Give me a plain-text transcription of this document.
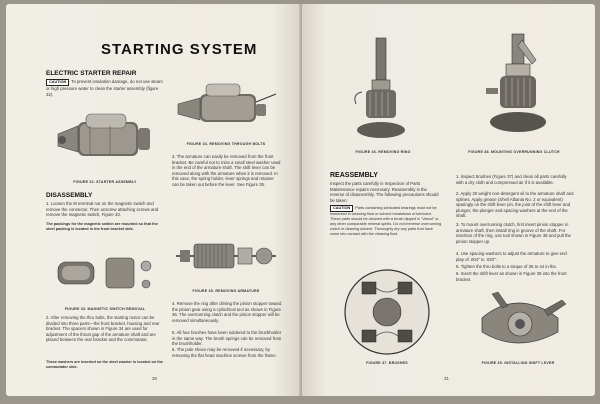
STARTING SYSTEM
ELECTRIC STARTER REPAIR
CAUTION To prevent insulation damage, do not use steam or high pressure water to clean the starter assembly (figure 32).
FIGURE 32. STARTER ASSEMBLY
DISASSEMBLY
1. Loosen the M terminal nut on the magnetic switch and remove the connector. Then unscrew attaching screws and remove the magnetic switch, Figure 33.
The packings for the magnetic switch are mounted so that the steel packing is located in the front bracket side.
FIGURE 33. MAGNETIC SWITCH REMOVAL
2. After removing the thru bolts, the starting motor can be divided into three parts—the front bracket, housing and rear bracket. The spacers shown in Figure 34 are used for adjustment of the thrust gap of the armature shaft and are placed between the rear bracket and the commutator.
These washers are inserted so the steel washer is located on the commutator side.
FIGURE 34. REMOVING THROUGH BOLTS
3. The armature can easily be removed from the front bracket. Be careful not to miss a small steel washer used in the end of the armature shaft. The shift lever can be removed along with the armature when it is removed. In this case, the spring holder, lever springs and retainer can be taken out before the lever. See Figure 35.
FIGURE 35. REMOVING ARMATURE
4. Remove the ring after driving the pinion stopper toward the pinion gear using a cylindrical tool as shown in Figure 36. The overrunning clutch and the pinion stopper will be removed simultaneously.
5. All four brushes have been soldered to the brushholder in the same way. The brush springs can be removed from the brushholder.
6. The pole shoes may be removed if necessary, by removing the flat head machine screws from the frame.
30
FIGURE 36. REMOVING RING	FIGURE 38. MOUNTING OVERRUNNING CLUTCH
REASSEMBLY
Inspect the parts carefully in Inspection of Parts Maintenance repairs necessary. Reassembly is the reverse of disassembly. The following precautions should be taken:
CAUTION Parts containing lubricated bearings must not be immersed in cleaning fluid or solvent breakdown of lubricant. These parts should be cleaned with a brush dipped in "Varsol" or any other comparable mineral spirits. Do not immerse overrunning clutch in cleaning solvent. Thoroughly dry any parts that have come into contact with the cleaning fluid.
1. Inspect brushes (Figure 37) and clean all parts carefully with a dry cloth and compressed air if it is available.
2. Apply 20 weight non-detergent oil to the armature shaft and splines. Apply grease (Shell Albania No. 2 or equivalent) sparingly on the shift lever pin, the joint of the shift lever and plunger, the plunger and spacing washers at the end of the shaft.
3. To mount overrunning clutch, first insert pinion stopper in armature shaft, then install ring in groove of the shaft. For insertion of the ring, use tool shown in Figure 38 and pull the pinion stopper up.
4. Use spacing washers to adjust the armature to give end play of .004" to .020".
5. Tighten the thru bolts to a torque of 35 to 44 in-lbs.
6. Insert the shift lever as shown in Figure 39 into the front bracket.
FIGURE 37. BRUSHES	FIGURE 39. INSTALLING SHIFT LEVER
31
